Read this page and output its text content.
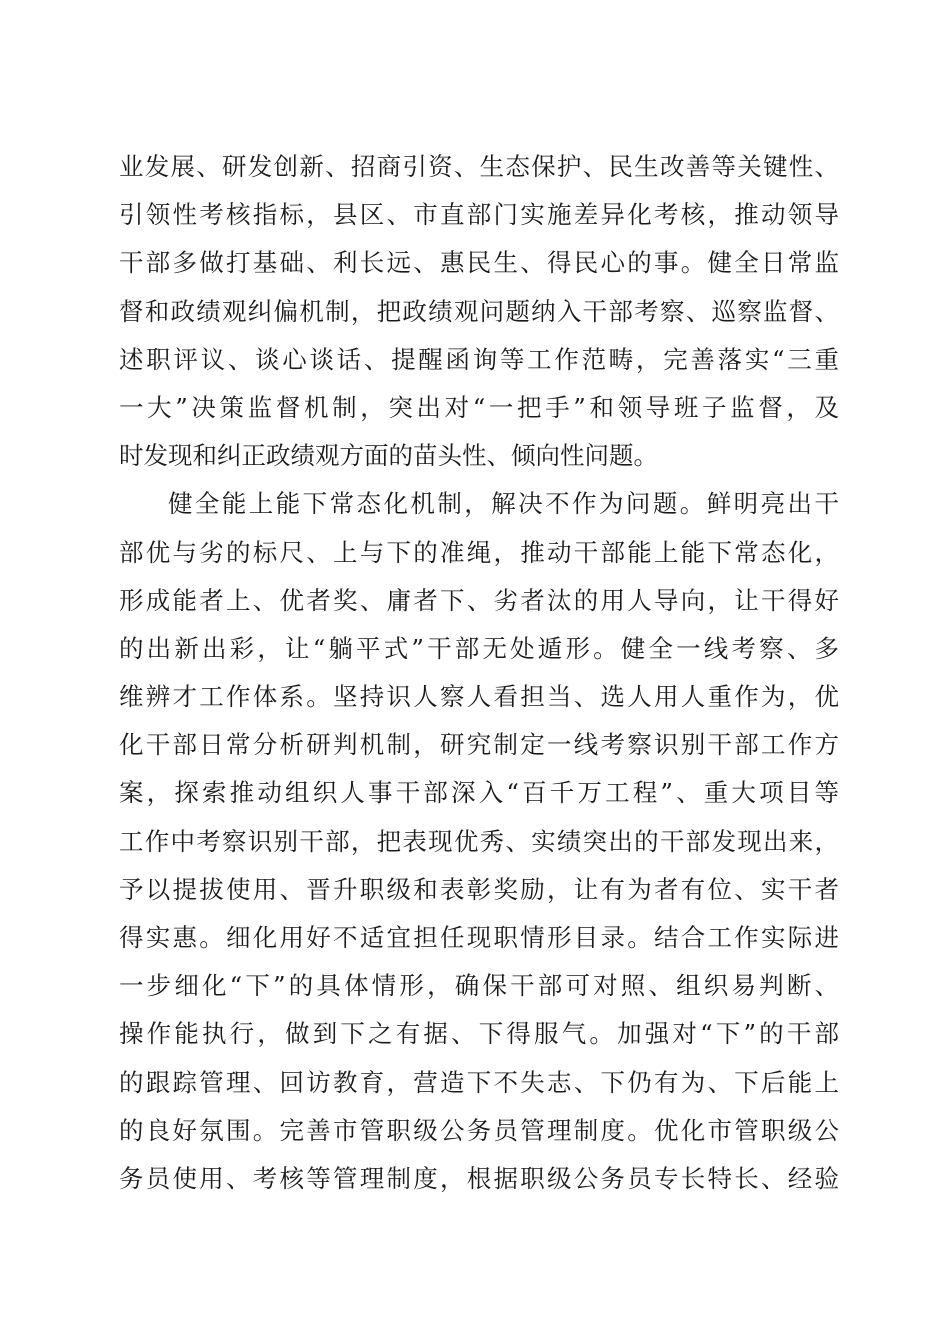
业发展、研发创新、招商引资、生态保护、民生改善等关键性、
引领性考核指标，县区、市直部门实施差异化考核，推动领导
干部多做打基础、利长远、惠民生、得民心的事。健全日常监
督和政绩观纠偏机制，把政绩观问题纳入干部考察、巡察监督、
述职评议、谈心谈话、提醒函询等工作范畴，完善落实“三重
一大”决策监督机制，突出对“一把手”和领导班子监督，及
时发现和纠正政绩观方面的苗头性、倾向性问题。
健全能上能下常态化机制，解决不作为问题。鲜明亮出干
部优与劣的标尺、上与下的准绳，推动干部能上能下常态化，
形成能者上、优者奖、庸者下、劣者汰的用人导向，让干得好
的出新出彩，让“躺平式”干部无处遁形。健全一线考察、多
维辨才工作体系。坚持识人察人看担当、选人用人重作为，优
化干部日常分析研判机制，研究制定一线考察识别干部工作方
案，探索推动组织人事干部深入“百千万工程”、重大项目等
工作中考察识别干部，把表现优秀、实绩突出的干部发现出来，
予以提拔使用、晋升职级和表彰奖励，让有为者有位、实干者
得实惠。细化用好不适宜担任现职情形目录。结合工作实际进
一步细化“下”的具体情形，确保干部可对照、组织易判断、
操作能执行，做到下之有据、下得服气。加强对“下”的干部
的跟踪管理、回访教育，营造下不失志、下仍有为、下后能上
的良好氛围。完善市管职级公务员管理制度。优化市管职级公
务员使用、考核等管理制度，根据职级公务员专长特长、经验
